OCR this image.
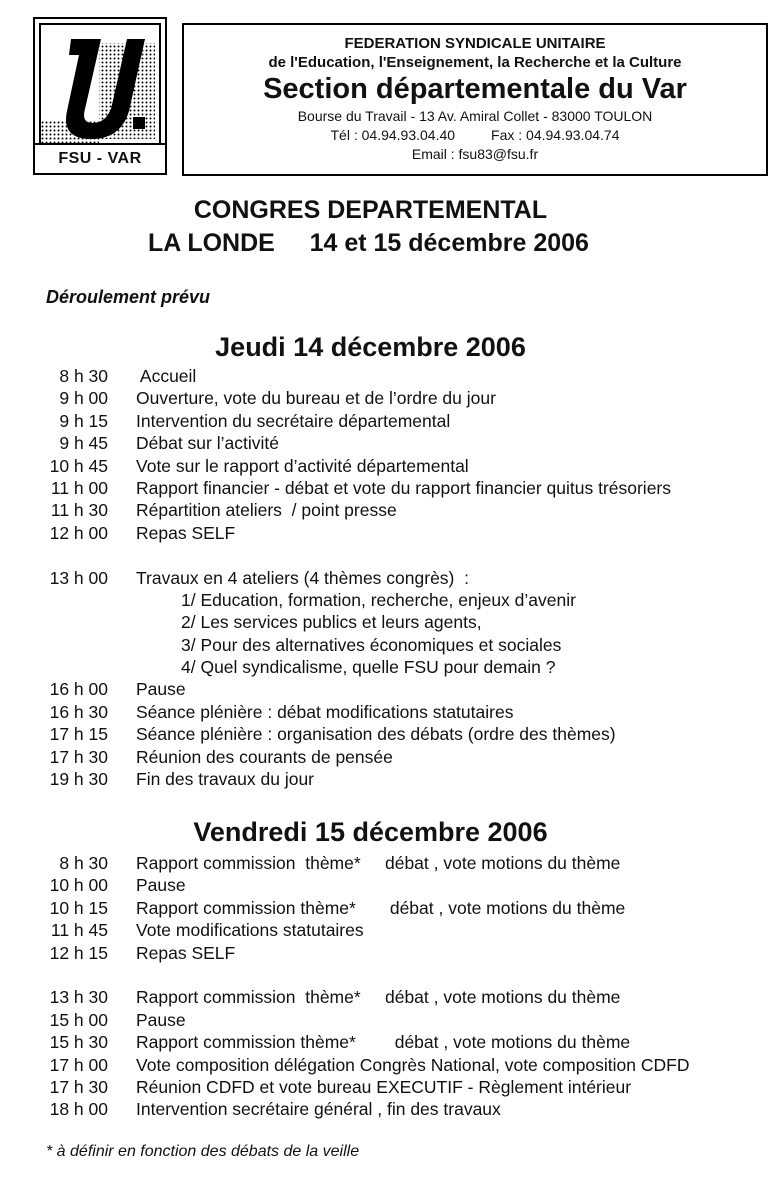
FSU - VAR
FEDERATION SYNDICALE UNITAIRE
de l'Education, l'Enseignement, la Recherche et la Culture
Section départementale du Var
Bourse du Travail - 13 Av. Amiral Collet - 83000 TOULON
Tél : 04.94.93.04.40	Fax : 04.94.93.04.74
Email : fsu83@fsu.fr
CONGRES DEPARTEMENTAL
LA LONDE     14 et 15 décembre 2006
Déroulement prévu
Jeudi 14 décembre 2006
8 h 30 Accueil
9 h 00 Ouverture, vote du bureau et de l’ordre du jour
9 h 15 Intervention du secrétaire départemental
9 h 45 Débat sur l’activité
10 h 45 Vote sur le rapport d’activité départemental
11 h 00 Rapport financier - débat et vote du rapport financier quitus trésoriers
11 h 30 Répartition ateliers  / point presse
12 h 00 Repas SELF
13 h 00 Travaux en 4 ateliers (4 thèmes congrès)  :
1/ Education, formation, recherche, enjeux d’avenir
2/ Les services publics et leurs agents,
3/ Pour des alternatives économiques et sociales
4/ Quel syndicalisme, quelle FSU pour demain ?
16 h 00 Pause
16 h 30 Séance plénière : débat modifications statutaires
17 h 15 Séance plénière : organisation des débats (ordre des thèmes)
17 h 30 Réunion des courants de pensée
19 h 30 Fin des travaux du jour
Vendredi 15 décembre 2006
8 h 30 Rapport commission  thème*     débat , vote motions du thème
10 h 00 Pause
10 h 15 Rapport commission thème*       débat , vote motions du thème
11 h 45 Vote modifications statutaires
12 h 15 Repas SELF
13 h 30 Rapport commission  thème*     débat , vote motions du thème
15 h 00 Pause
15 h 30 Rapport commission thème*        débat , vote motions du thème
17 h 00 Vote composition délégation Congrès National, vote composition CDFD
17 h 30 Réunion CDFD et vote bureau EXECUTIF - Règlement intérieur
18 h 00 Intervention secrétaire général , fin des travaux
* à définir en fonction des débats de la veille
